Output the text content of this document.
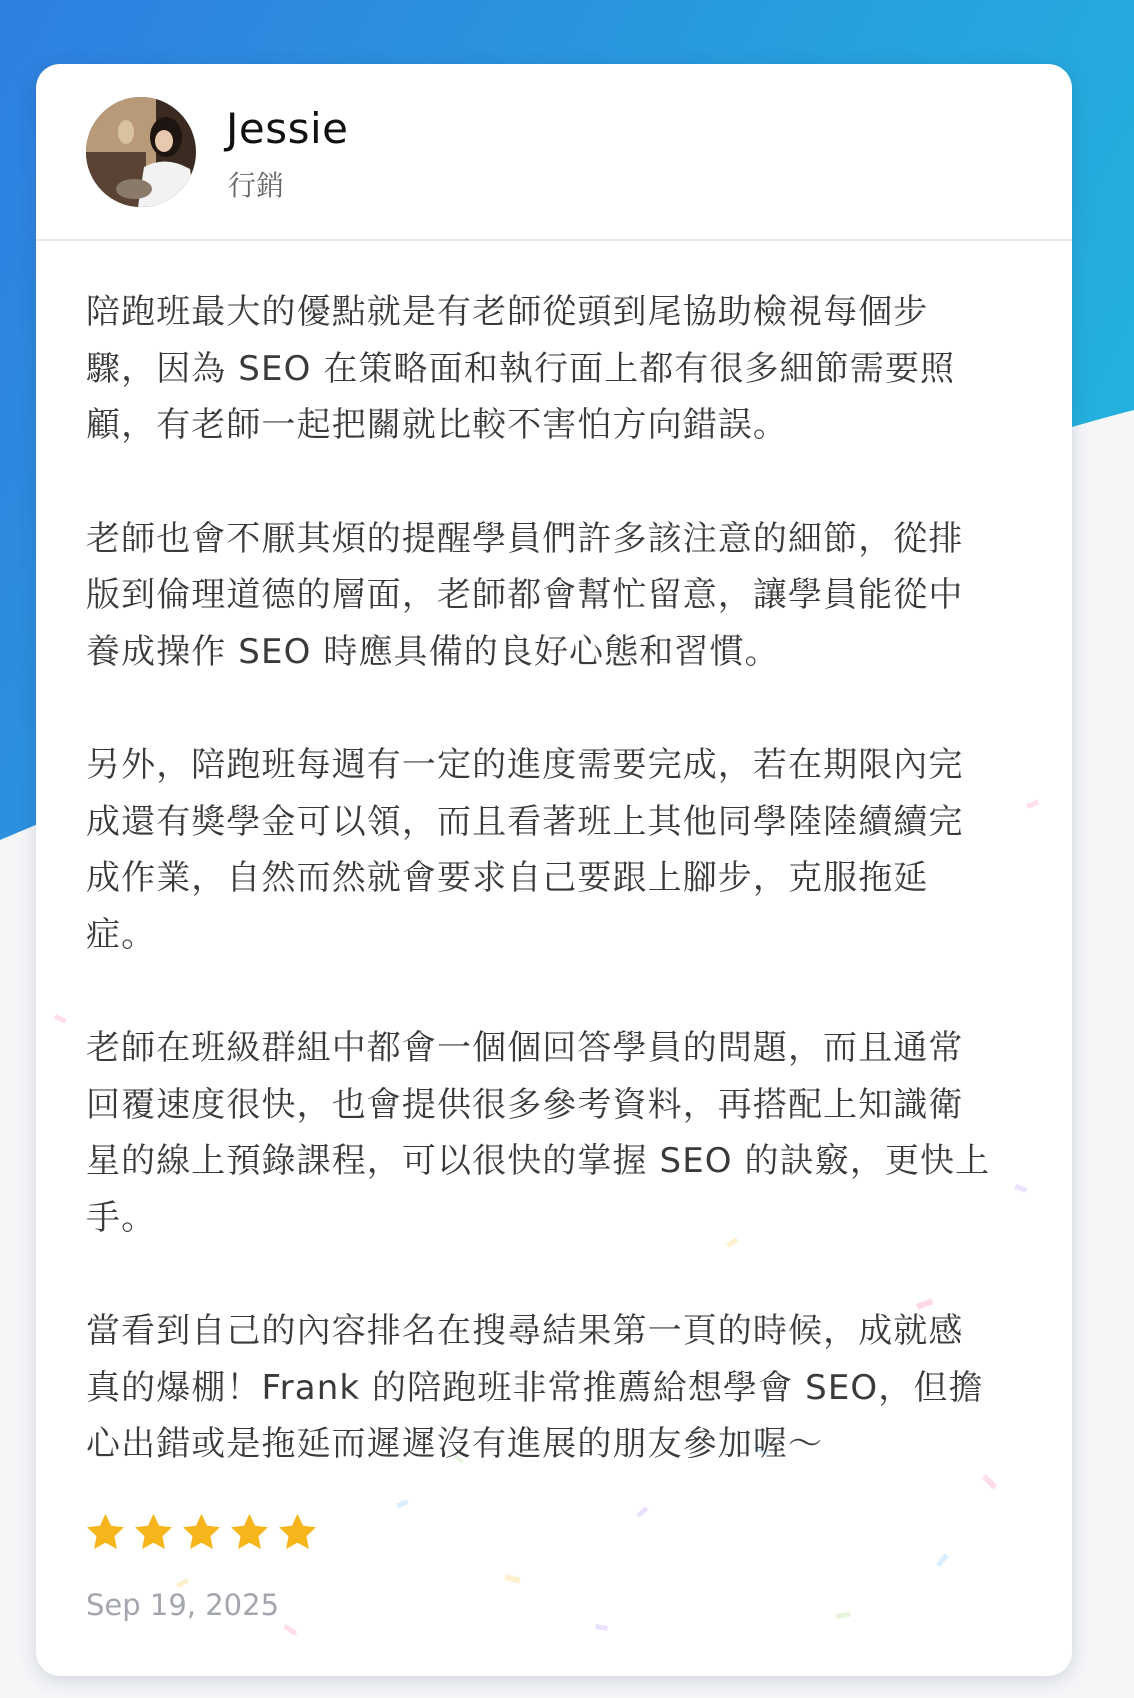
Jessie
行銷

陪跑班最大的優點就是有老師從頭到尾協助檢視每個步
驟，因為 SEO 在策略面和執行面上都有很多細節需要照
顧，有老師一起把關就比較不害怕方向錯誤。

老師也會不厭其煩的提醒學員們許多該注意的細節，從排
版到倫理道德的層面，老師都會幫忙留意，讓學員能從中
養成操作 SEO 時應具備的良好心態和習慣。

另外，陪跑班每週有一定的進度需要完成，若在期限內完
成還有獎學金可以領，而且看著班上其他同學陸陸續續完
成作業，自然而然就會要求自己要跟上腳步，克服拖延
症。

老師在班級群組中都會一個個回答學員的問題，而且通常
回覆速度很快，也會提供很多參考資料，再搭配上知識衛
星的線上預錄課程，可以很快的掌握 SEO 的訣竅，更快上
手。

當看到自己的內容排名在搜尋結果第一頁的時候，成就感
真的爆棚！Frank 的陪跑班非常推薦給想學會 SEO，但擔
心出錯或是拖延而遲遲沒有進展的朋友參加喔～

Sep 19, 2025
